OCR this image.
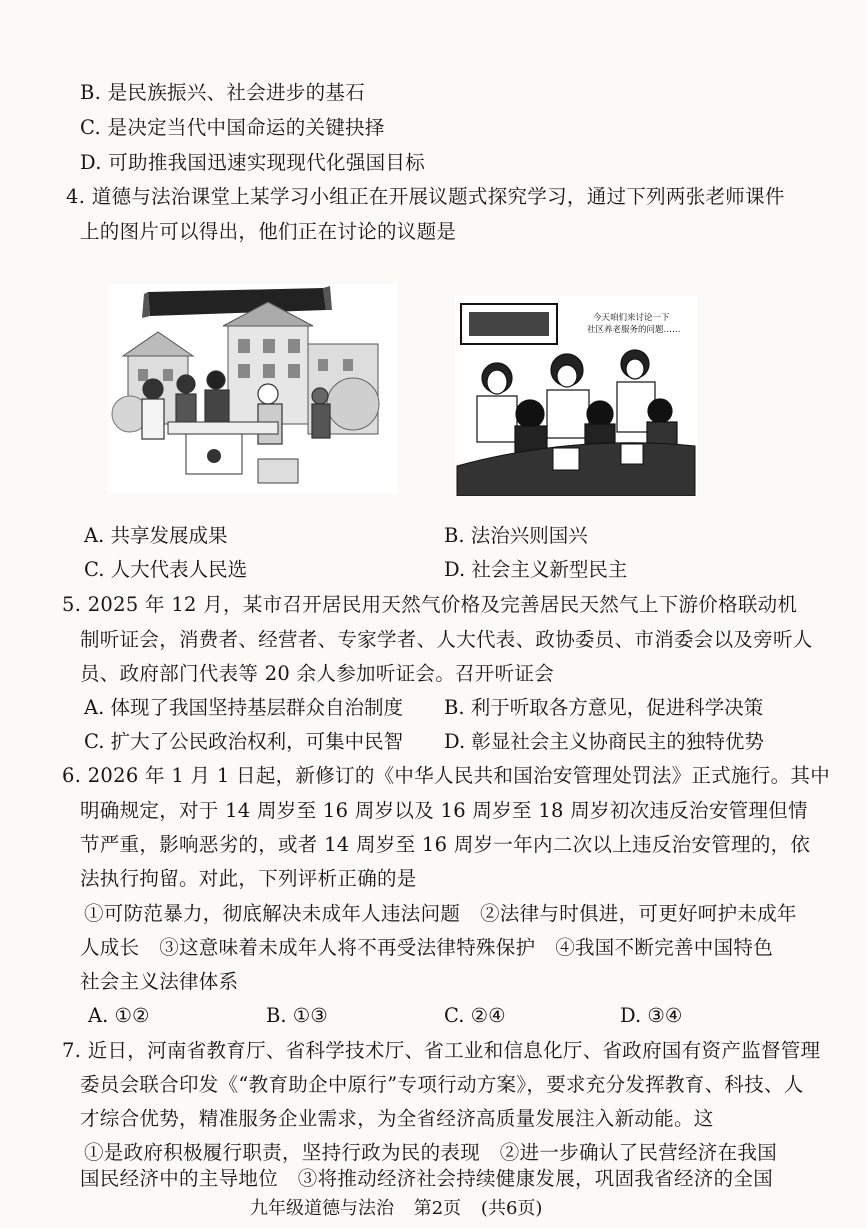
B. 是民族振兴、社会进步的基石
C. 是决定当代中国命运的关键抉择
D. 可助推我国迅速实现现代化强国目标
4. 道德与法治课堂上某学习小组正在开展议题式探究学习，通过下列两张老师课件
上的图片可以得出，他们正在讨论的议题是
今天咱们来讨论一下
社区养老服务的问题……
A. 共享发展成果	B. 法治兴则国兴
C. 人大代表人民选	D. 社会主义新型民主
5. 2025 年 12 月，某市召开居民用天然气价格及完善居民天然气上下游价格联动机
制听证会，消费者、经营者、专家学者、人大代表、政协委员、市消委会以及旁听人
员、政府部门代表等 20 余人参加听证会。召开听证会
A. 体现了我国坚持基层群众自治制度 B. 利于听取各方意见，促进科学决策
C. 扩大了公民政治权利，可集中民智 D. 彰显社会主义协商民主的独特优势
6. 2026 年 1 月 1 日起，新修订的《中华人民共和国治安管理处罚法》正式施行。其中
明确规定，对于 14 周岁至 16 周岁以及 16 周岁至 18 周岁初次违反治安管理但情
节严重，影响恶劣的，或者 14 周岁至 16 周岁一年内二次以上违反治安管理的，依
法执行拘留。对此，下列评析正确的是
①可防范暴力，彻底解决未成年人违法问题　②法律与时俱进，可更好呵护未成年
人成长　③这意味着未成年人将不再受法律特殊保护　④我国不断完善中国特色
社会主义法律体系
A. ①②	B. ①③	C. ②④	D. ③④
7. 近日，河南省教育厅、省科学技术厅、省工业和信息化厅、省政府国有资产监督管理
委员会联合印发《“教育助企中原行”专项行动方案》，要求充分发挥教育、科技、人
才综合优势，精准服务企业需求，为全省经济高质量发展注入新动能。这
①是政府积极履行职责，坚持行政为民的表现　②进一步确认了民营经济在我国
国民经济中的主导地位　③将推动经济社会持续健康发展，巩固我省经济的全国
九年级道德与法治 第2页 (共6页)
